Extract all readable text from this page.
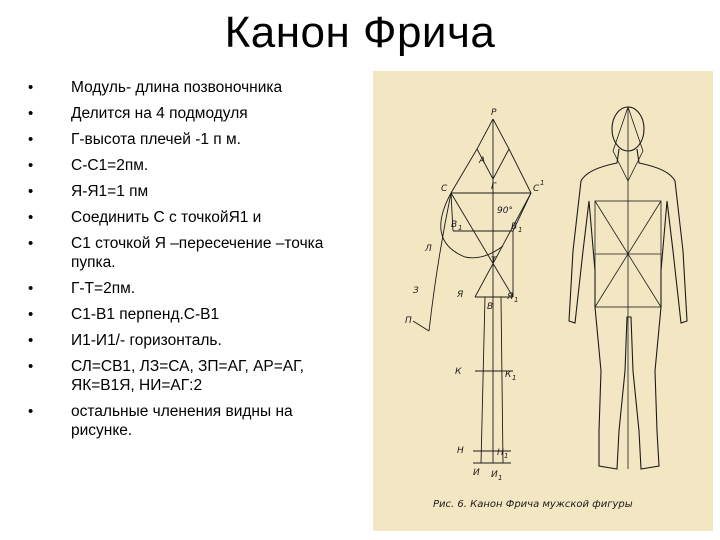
Канон Фрича
• Модуль- длина позвоночника
• Делится на 4 подмодуля
• Г-высота плечей -1 п м.
• С-С1=2пм.
• Я-Я1=1 пм
• Соединить С с точкойЯ1 и
• С1 сточкой Я –пересечение –точка пупка.
• Г-Т=2пм.
• С1-В1 перпенд.С-В1
• И1-И1/- горизонталь.
• СЛ=СВ1, ЛЗ=СА, ЗП=АГ, АР=АГ, ЯК=В1Я, НИ=АГ:2
• остальные членения видны на рисунке.
Р
А
С	Г	С
1
90°
В 1	В 1
Л
Т
З	Я	Я 1
В
П
К	К 1
Н	Н 1
И И 1
Рис. 6. Канон Фрича мужской фигуры
